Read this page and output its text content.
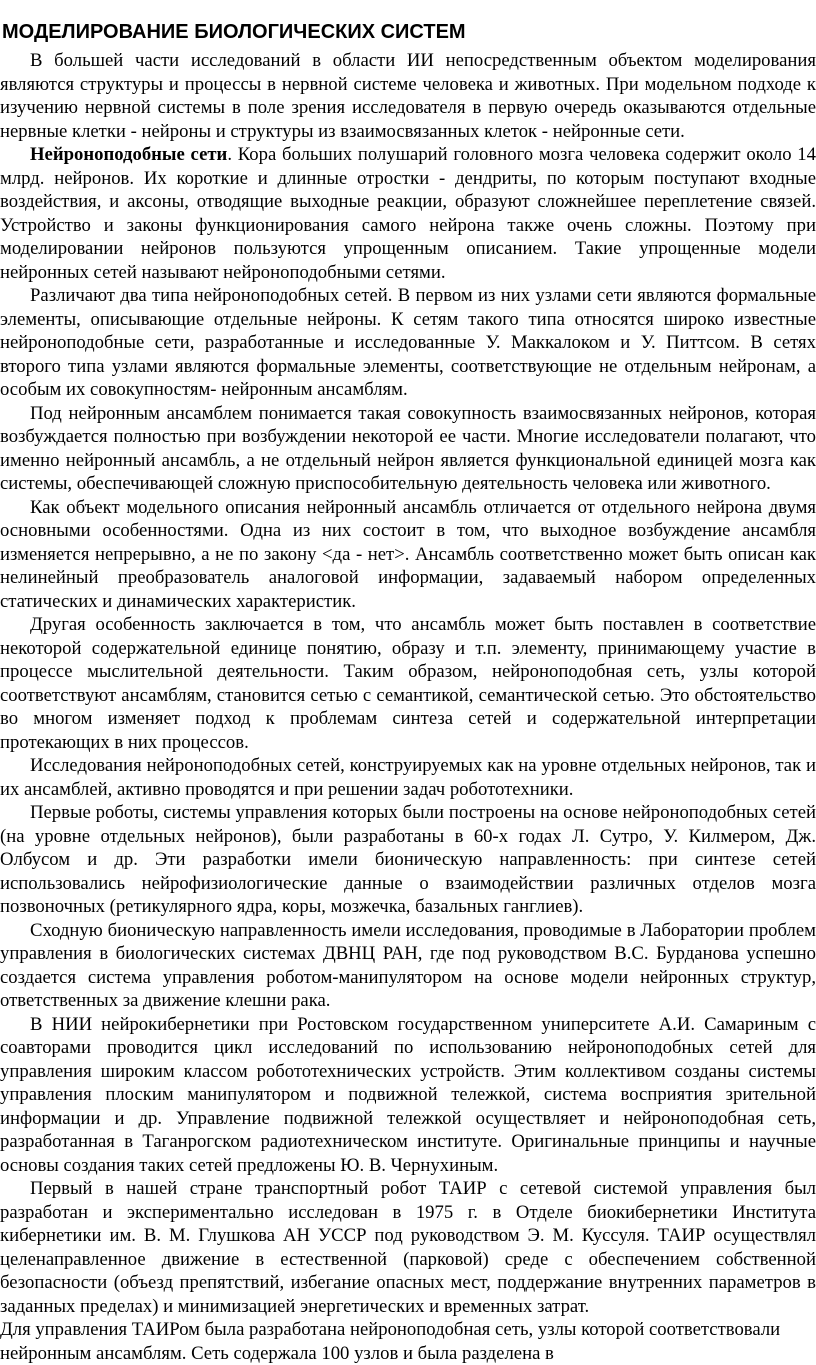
МОДЕЛИРОВАНИЕ БИОЛОГИЧЕСКИХ СИСТЕМ

В большей части исследований в области ИИ непосредственным объектом моделирования являются структуры и процессы в нервной системе человека и животных. При модельном подходе к изучению нервной системы в поле зрения исследователя в первую очередь оказываются отдельные нервные клетки - нейроны и структуры из взаимосвязанных клеток - нейронные сети.

Нейроноподобные сети. Кора больших полушарий головного мозга человека содержит около 14 млрд. нейронов. Их короткие и длинные отростки - дендриты, по которым поступают входные воздействия, и аксоны, отводящие выходные реакции, образуют сложнейшее переплетение связей. Устройство и законы функционирования самого нейрона также очень сложны. Поэтому при моделировании нейронов пользуются упрощенным описанием. Такие упрощенные модели нейронных сетей называют нейроноподобными сетями.

Различают два типа нейроноподобных сетей. В первом из них узлами сети являются формальные элементы, описывающие отдельные нейроны. К сетям такого типа относятся широко известные нейроноподобные сети, разработанные и исследованные У. Маккалоком и У. Питтсом. В сетях второго типа узлами являются формальные элементы, соответствующие не отдельным нейронам, а особым их совокупностям- нейронным ансамблям.

Под нейронным ансамблем понимается такая совокупность взаимосвязанных нейронов, которая возбуждается полностью при возбуждении некоторой ее части. Многие исследователи полагают, что именно нейронный ансамбль, а не отдельный нейрон является функциональной единицей мозга как системы, обеспечивающей сложную приспособительную деятельность человека или животного.

Как объект модельного описания нейронный ансамбль отличается от отдельного нейрона двумя основными особенностями. Одна из них состоит в том, что выходное возбуждение ансамбля изменяется непрерывно, а не по закону <да - нет>. Ансамбль соответственно может быть описан как нелинейный преобразователь аналоговой информации, задаваемый набором определенных статических и динамических характеристик.

Другая особенность заключается в том, что ансамбль может быть поставлен в соответствие некоторой содержательной единице понятию, образу и т.п. элементу, принимающему участие в процессе мыслительной деятельности. Таким образом, нейроноподобная сеть, узлы которой соответствуют ансамблям, становится сетью с семантикой, семантической сетью. Это обстоятельство во многом изменяет подход к проблемам синтеза сетей и содержательной интерпретации протекающих в них процессов.

Исследования нейроноподобных сетей, конструируемых как на уровне отдельных нейронов, так и их ансамблей, активно проводятся и при решении задач робототехники.

Первые роботы, системы управления которых были построены на основе нейроноподобных сетей (на уровне отдельных нейронов), были разработаны в 60-х годах Л. Сутро, У. Килмером, Дж. Олбусом и др. Эти разработки имели бионическую направленность: при синтезе сетей использовались нейрофизиологические данные о взаимодействии различных отделов мозга позвоночных (ретикулярного ядра, коры, мозжечка, базальных ганглиев).

Сходную бионическую направленность имели исследования, проводимые в Лаборатории проблем управления в биологических системах ДВНЦ РАН, где под руководством В.С. Бурданова успешно создается система управления роботом-манипулятором на основе модели нейронных структур, ответственных за движение клешни рака.

В НИИ нейрокибернетики при Ростовском государственном униперситете А.И. Самариным с соавторами проводится цикл исследований по использованию нейроноподобных сетей для управления широким классом робототехнических устройств. Этим коллективом созданы системы управления плоским манипулятором и подвижной тележкой, система восприятия зрительной информации и др. Управление подвижной тележкой осуществляет и нейроноподобная сеть, разработанная в Таганрогском радиотехническом институте. Оригинальные принципы и научные основы создания таких сетей предложены Ю. В. Чернухиным.

Первый в нашей стране транспортный робот ТАИР с сетевой системой управления был разработан и экспериментально исследован в 1975 г. в Отделе биокибернетики Института кибернетики им. В. М. Глушкова АН УССР под руководством Э. М. Куссуля. ТАИР осуществлял целенаправленное движение в естественной (парковой) среде с обеспечением собственной безопасности (объезд препятствий, избегание опасных мест, поддержание внутренних параметров в заданных пределах) и минимизацией энергетических и временных затрат.

Для управления ТАИРом была разработана нейроноподобная сеть, узлы которой соответствовали нейронным ансамблям. Сеть содержала 100 узлов и была разделена в
